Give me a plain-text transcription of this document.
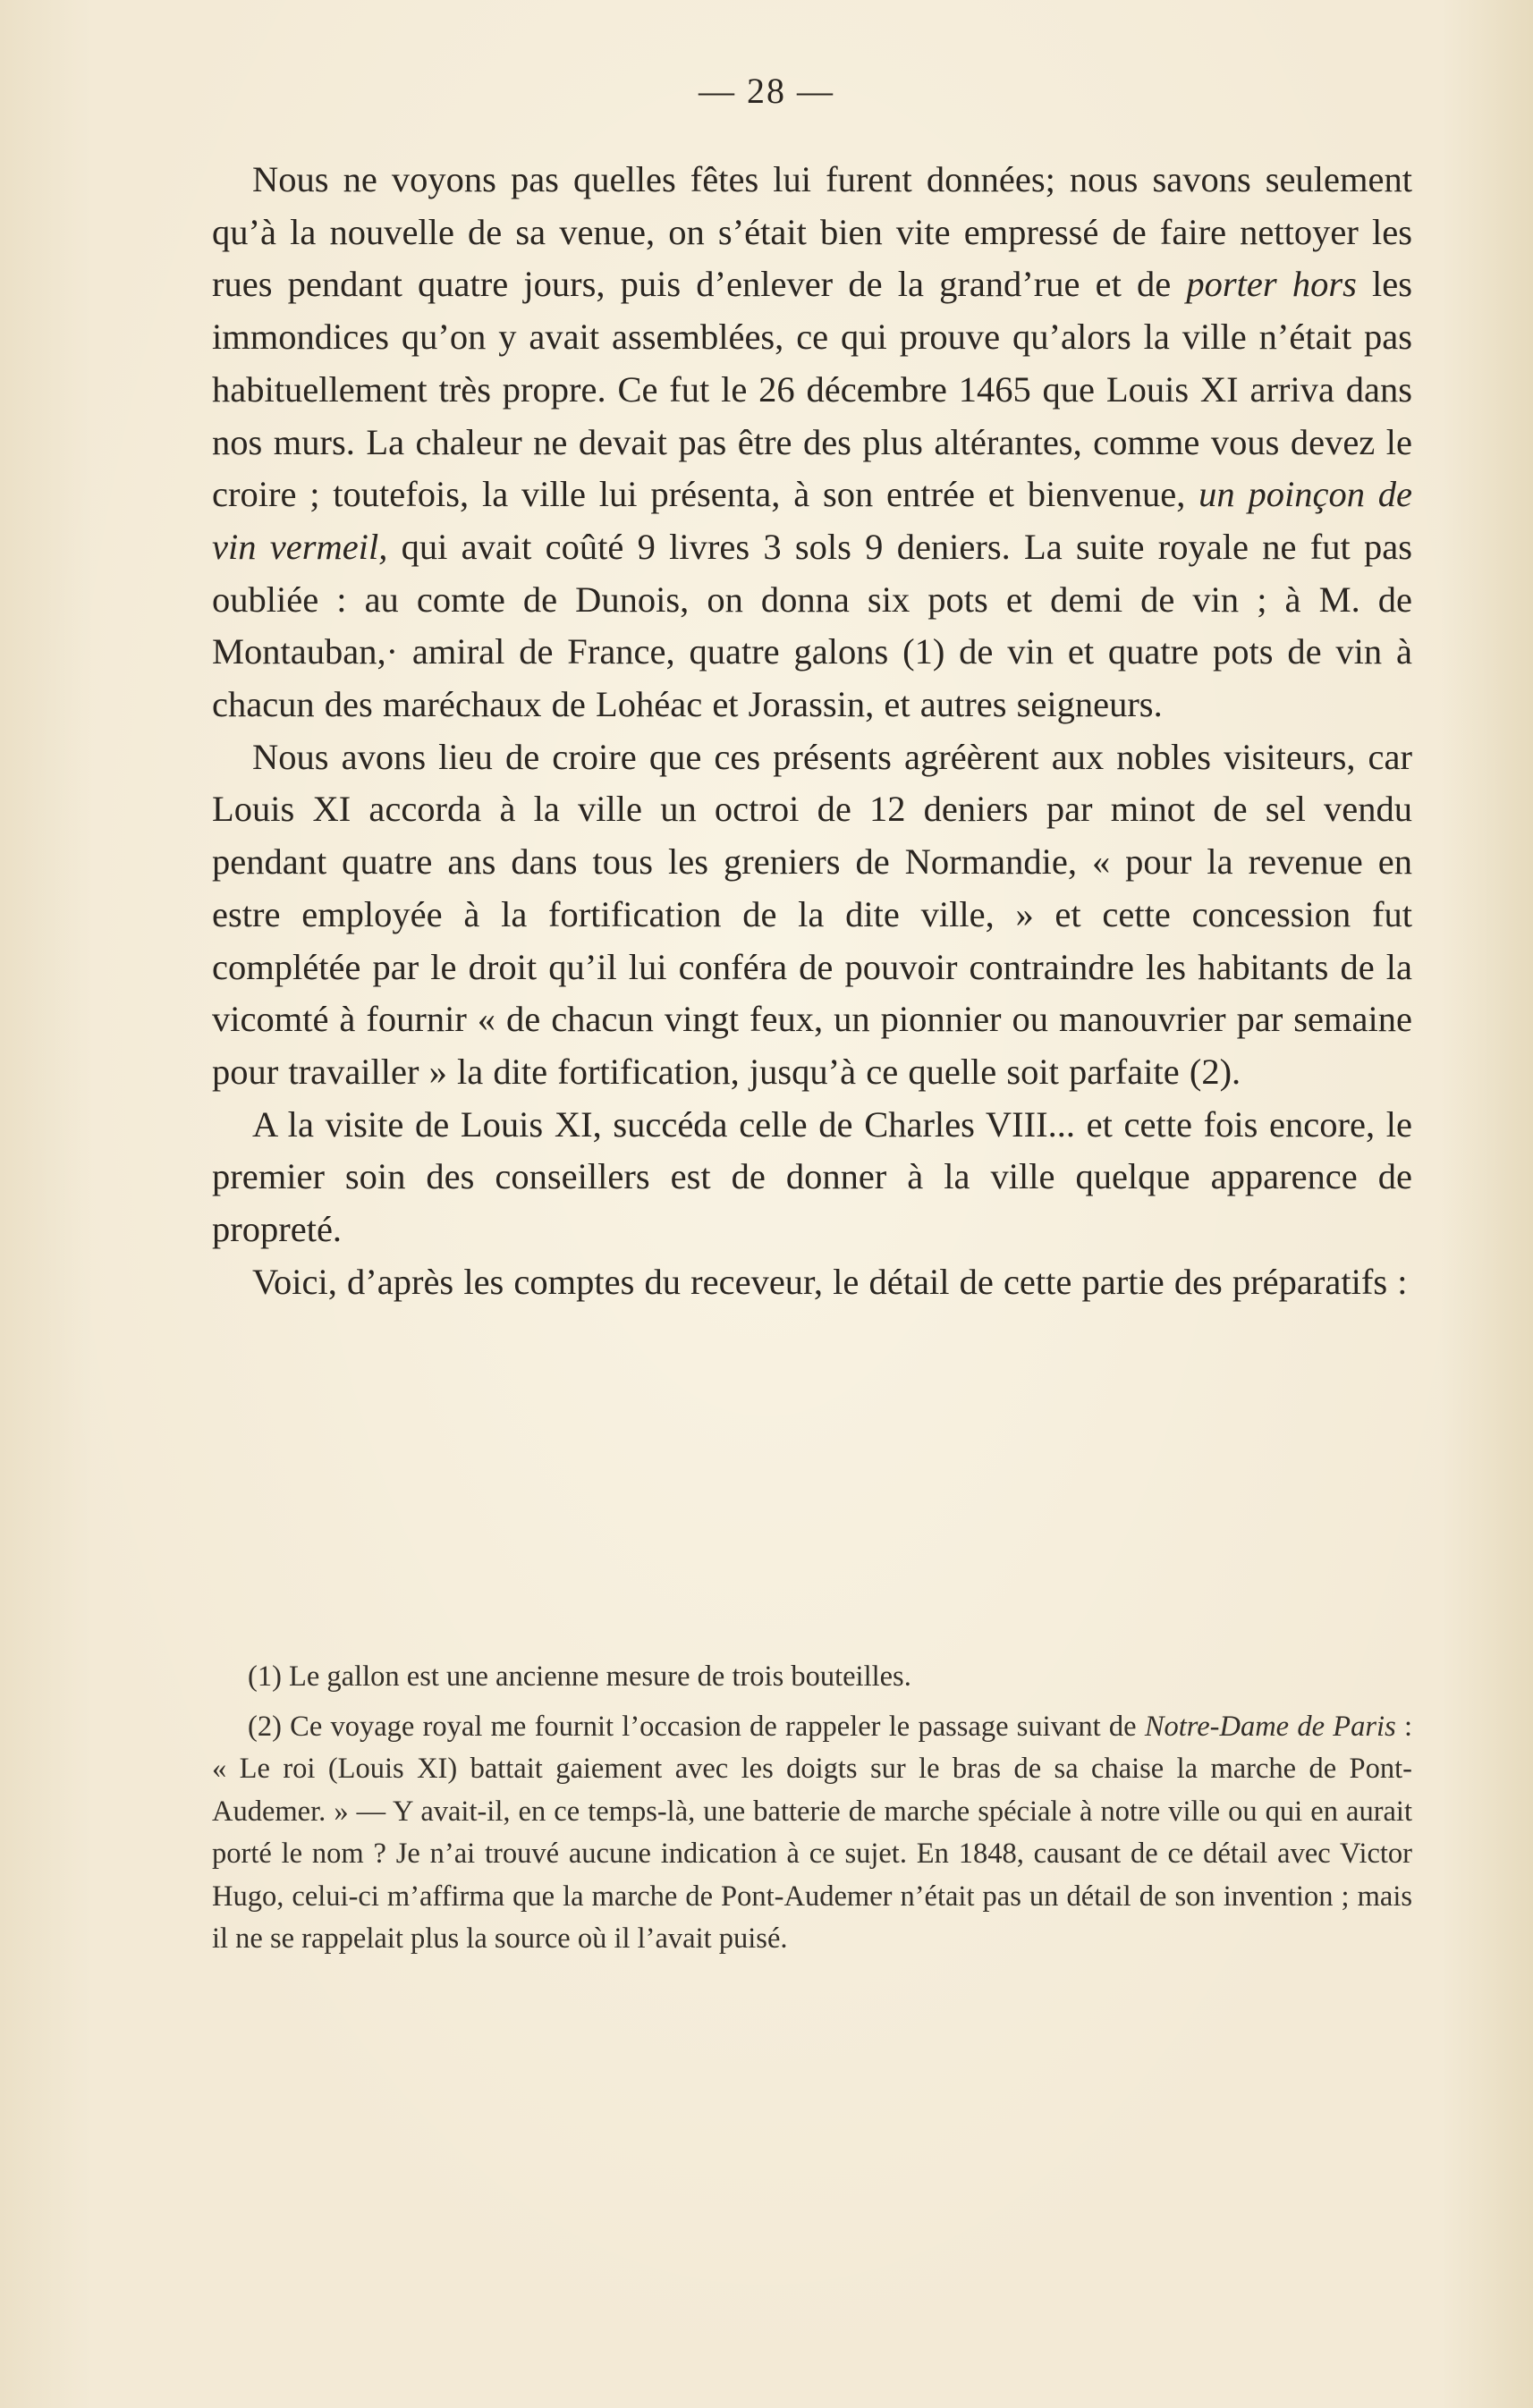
— 28 —

Nous ne voyons pas quelles fêtes lui furent données; nous savons seulement qu’à la nouvelle de sa venue, on s’était bien vite empressé de faire nettoyer les rues pendant quatre jours, puis d’enlever de la grand’rue et de porter hors les immondices qu’on y avait assemblées, ce qui prouve qu’alors la ville n’était pas habituellement très propre. Ce fut le 26 décembre 1465 que Louis XI arriva dans nos murs. La chaleur ne devait pas être des plus altérantes, comme vous devez le croire ; toutefois, la ville lui présenta, à son entrée et bienvenue, un poinçon de vin vermeil, qui avait coûté 9 livres 3 sols 9 deniers. La suite royale ne fut pas oubliée : au comte de Dunois, on donna six pots et demi de vin ; à M. de Montauban,· amiral de France, quatre galons (1) de vin et quatre pots de vin à chacun des maréchaux de Lohéac et Jorassin, et autres seigneurs.

Nous avons lieu de croire que ces présents agréèrent aux nobles visiteurs, car Louis XI accorda à la ville un octroi de 12 deniers par minot de sel vendu pendant quatre ans dans tous les greniers de Normandie, « pour la revenue en estre employée à la fortification de la dite ville, » et cette concession fut complétée par le droit qu’il lui conféra de pouvoir contraindre les habitants de la vicomté à fournir « de chacun vingt feux, un pionnier ou manouvrier par semaine pour travailler » la dite fortification, jusqu’à ce quelle soit parfaite (2).

A la visite de Louis XI, succéda celle de Charles VIII... et cette fois encore, le premier soin des conseillers est de donner à la ville quelque apparence de propreté.

Voici, d’après les comptes du receveur, le détail de cette partie des préparatifs :

(1) Le gallon est une ancienne mesure de trois bouteilles.

(2) Ce voyage royal me fournit l’occasion de rappeler le passage suivant de Notre-Dame de Paris : « Le roi (Louis XI) battait gaiement avec les doigts sur le bras de sa chaise la marche de Pont-Audemer. » — Y avait-il, en ce temps-là, une batterie de marche spéciale à notre ville ou qui en aurait porté le nom ? Je n’ai trouvé aucune indication à ce sujet. En 1848, causant de ce détail avec Victor Hugo, celui-ci m’affirma que la marche de Pont-Audemer n’était pas un détail de son invention ; mais il ne se rappelait plus la source où il l’avait puisé.
